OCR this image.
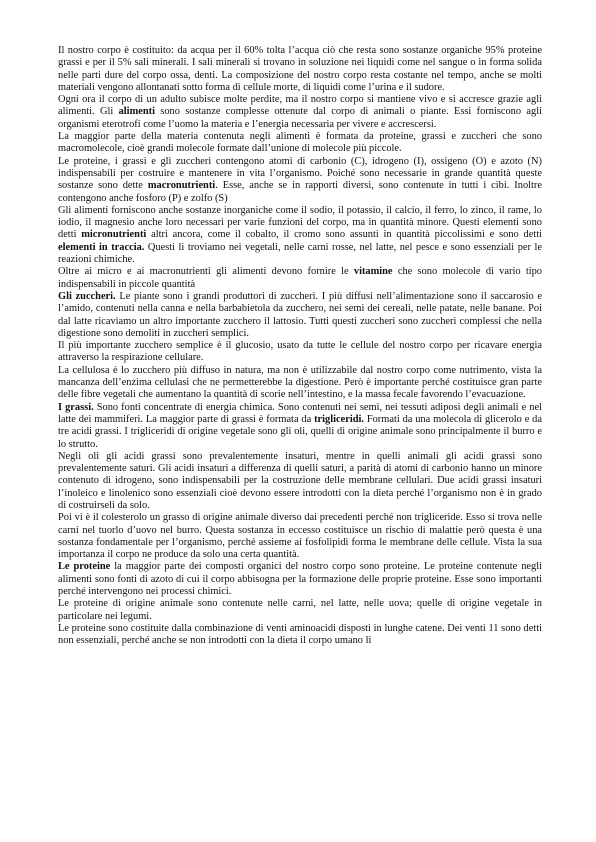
Il nostro corpo è costituito: da acqua per il 60% tolta l’acqua ciò che resta sono sostanze organiche 95% proteine grassi e per il 5% sali minerali. I sali minerali si trovano in soluzione nei liquidi come nel sangue o in forma solida nelle parti dure del corpo ossa, denti. La composizione del nostro corpo resta costante nel tempo, anche se molti materiali vengono allontanati sotto forma di cellule morte, di liquidi come l’urina e il sudore.

Ogni ora il corpo di un adulto subisce molte perdite, ma il nostro corpo si mantiene vivo e si accresce grazie agli alimenti. Gli alimenti sono sostanze complesse ottenute dal corpo di animali o piante. Essi forniscono agli organismi eterotrofi come l’uomo la materia e l’energia necessaria per vivere e accrescersi.

La maggior parte della materia contenuta negli alimenti è formata da proteine, grassi e zuccheri che sono macromolecole, cioè grandi molecole formate dall’unione di molecole più piccole.

Le proteine, i grassi e gli zuccheri contengono atomi di carbonio (C), idrogeno (I), ossigeno (O) e azoto (N) indispensabili per costruire e mantenere in vita l’organismo. Poiché sono necessarie in grande quantità queste sostanze sono dette macronutrienti. Esse, anche se in rapporti diversi, sono contenute in tutti i cibi. Inoltre contengono anche fosforo (P) e zolfo (S)

Gli alimenti forniscono anche sostanze inorganiche come il sodio, il potassio, il calcio, il ferro, lo zinco, il rame, lo iodio, il magnesio anche loro necessari per varie funzioni del corpo, ma in quantità minore. Questi elementi sono detti micronutrienti altri ancora, come il cobalto, il cromo sono assunti in quantità piccolissimi e sono detti elementi in traccia. Questi li troviamo nei vegetali, nelle carni rosse, nel latte, nel pesce e sono essenziali per le reazioni chimiche.

Oltre ai micro e ai macronutrienti gli alimenti devono fornire le vitamine che sono molecole di vario tipo indispensabili in piccole quantità

Gli zuccheri. Le piante sono i grandi produttori di zuccheri. I più diffusi nell’alimentazione sono il saccarosio e l’amido, contenuti nella canna e nella barbabietola da zucchero, nei semi dei cereali, nelle patate, nelle banane. Poi dal latte ricaviamo un altro importante zucchero il lattosio. Tutti questi zuccheri sono zuccheri complessi che nella digestione sono demoliti in zuccheri semplici.

Il più importante zucchero semplice è il glucosio, usato da tutte le cellule del nostro corpo per ricavare energia attraverso la respirazione cellulare.

La cellulosa è lo zucchero più diffuso in natura, ma non è utilizzabile dal nostro corpo come nutrimento, vista la mancanza dell’enzima cellulasi che ne permetterebbe la digestione. Però è importante perché costituisce gran parte delle fibre vegetali che aumentano la quantità di scorie nell’intestino, e la massa fecale favorendo l’evacuazione.

I grassi. Sono fonti concentrate di energia chimica. Sono contenuti nei semi, nei tessuti adiposi degli animali e nel latte dei mammiferi. La maggior parte di grassi è formata da trigliceridi. Formati da una molecola di glicerolo e da tre acidi grassi. I trigliceridi di origine vegetale sono gli oli, quelli di origine animale sono principalmente il burro e lo strutto.

Negli oli gli acidi grassi sono prevalentemente insaturi, mentre in quelli animali gli acidi grassi sono prevalentemente saturi. Gli acidi insaturi a differenza di quelli saturi, a parità di atomi di carbonio hanno un minore contenuto di idrogeno, sono indispensabili per la costruzione delle membrane cellulari. Due acidi grassi insaturi l’inoleico e linolenico sono essenziali cioè devono essere introdotti con la dieta perché l’organismo non è in grado di costruirseli da solo.

Poi vi è il colesterolo un grasso di origine animale diverso dai precedenti perché non trigliceride. Esso si trova nelle carni nel tuorlo d’uovo nel burro. Questa sostanza in eccesso costituisce un rischio di malattie però questa è una sostanza fondamentale per l’organismo, perché assieme ai fosfolipidi forma le membrane delle cellule. Vista la sua importanza il corpo ne produce da solo una certa quantità.

Le proteine la maggior parte dei composti organici del nostro corpo sono proteine. Le proteine contenute negli alimenti sono fonti di azoto di cui il corpo abbisogna per la formazione delle proprie proteine. Esse sono importanti perché intervengono nei processi chimici.

Le proteine di origine animale sono contenute nelle carni, nel latte, nelle uova; quelle di origine vegetale in particolare nei legumi.

Le proteine sono costituite dalla combinazione di venti aminoacidi disposti in lunghe catene. Dei venti 11 sono detti non essenziali, perché anche se non introdotti con la dieta il corpo umano li
